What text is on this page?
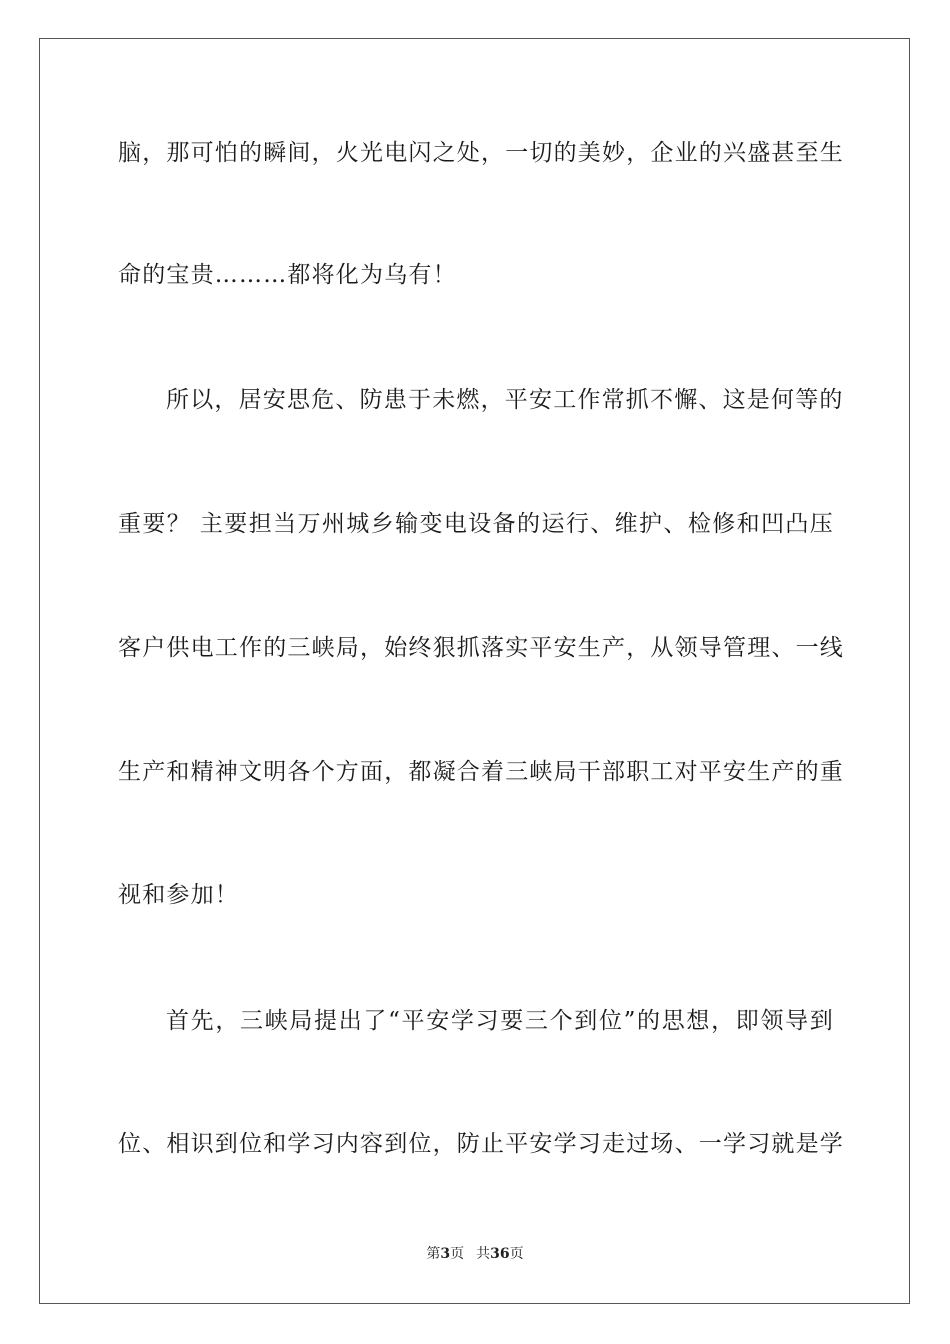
脑，那可怕的瞬间，火光电闪之处，一切的美妙，企业的兴盛甚至生
命的宝贵………都将化为乌有！
所以，居安思危、防患于未燃，平安工作常抓不懈、这是何等的
重要？ 主要担当万州城乡输变电设备的运行、维护、检修和凹凸压
客户供电工作的三峡局，始终狠抓落实平安生产，从领导管理、一线
生产和精神文明各个方面，都凝合着三峡局干部职工对平安生产的重
视和参加！
首先，三峡局提出了“平安学习要三个到位”的思想，即领导到
位、相识到位和学习内容到位，防止平安学习走过场、一学习就是学
第3页 共36页
